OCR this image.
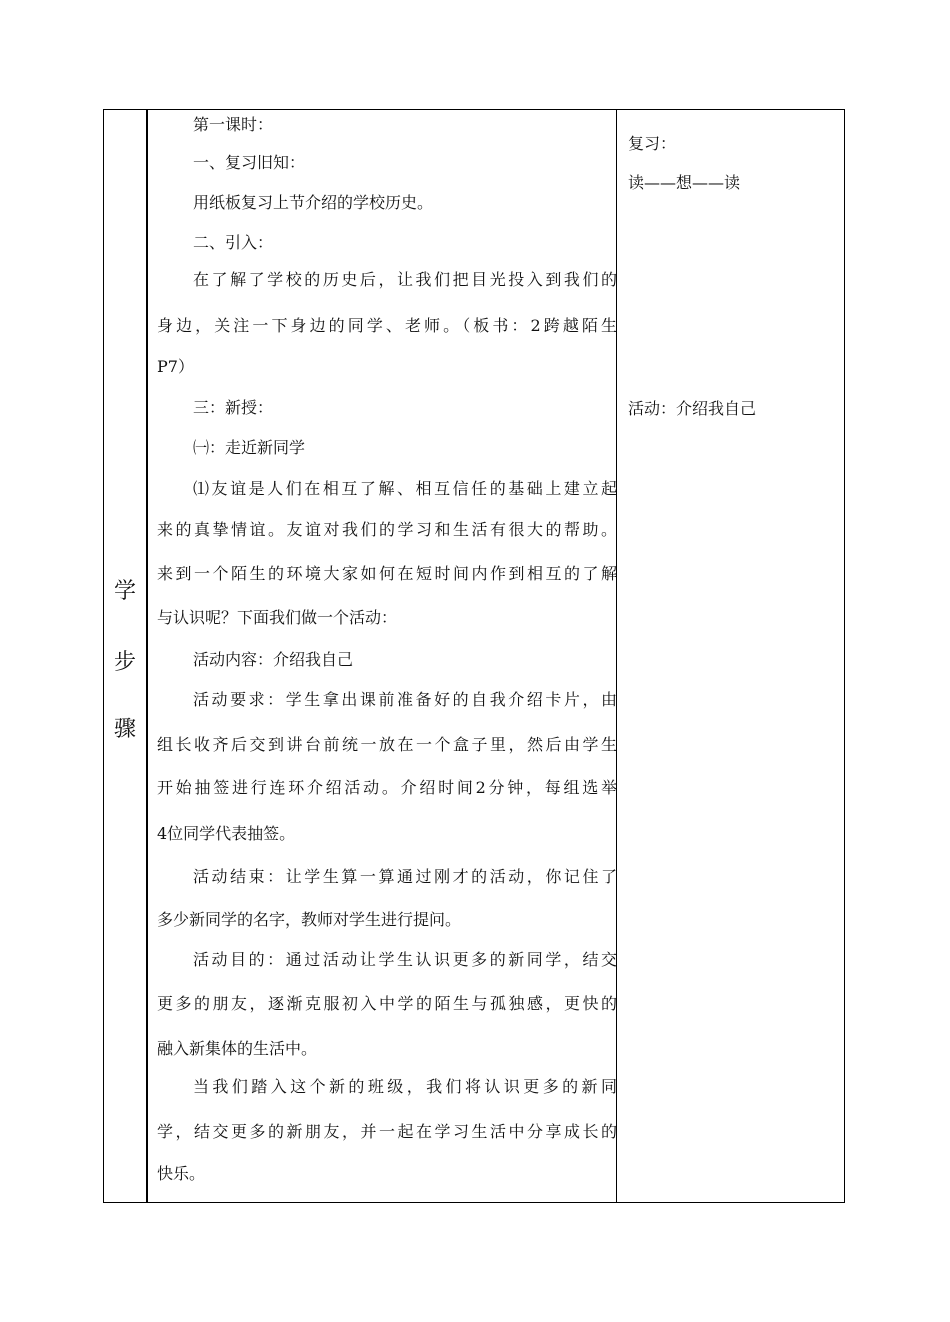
学
步
骤
第一课时：
一、复习旧知：
用纸板复习上节介绍的学校历史。
二、引入：
在了解了学校的历史后，让我们把目光投入到我们的
身边，关注一下身边的同学、老师。（板书：2跨越陌生
P7）
三：新授：
㈠：走近新同学
⑴友谊是人们在相互了解、相互信任的基础上建立起
来的真挚情谊。友谊对我们的学习和生活有很大的帮助。
来到一个陌生的环境大家如何在短时间内作到相互的了解
与认识呢？下面我们做一个活动：
活动内容：介绍我自己
活动要求：学生拿出课前准备好的自我介绍卡片，由
组长收齐后交到讲台前统一放在一个盒子里，然后由学生
开始抽签进行连环介绍活动。介绍时间2分钟，每组选举
4位同学代表抽签。
活动结束：让学生算一算通过刚才的活动，你记住了
多少新同学的名字，教师对学生进行提问。
活动目的：通过活动让学生认识更多的新同学，结交
更多的朋友，逐渐克服初入中学的陌生与孤独感，更快的
融入新集体的生活中。
当我们踏入这个新的班级，我们将认识更多的新同
学，结交更多的新朋友，并一起在学习生活中分享成长的
快乐。
复习：
读——想——读
活动：介绍我自己
